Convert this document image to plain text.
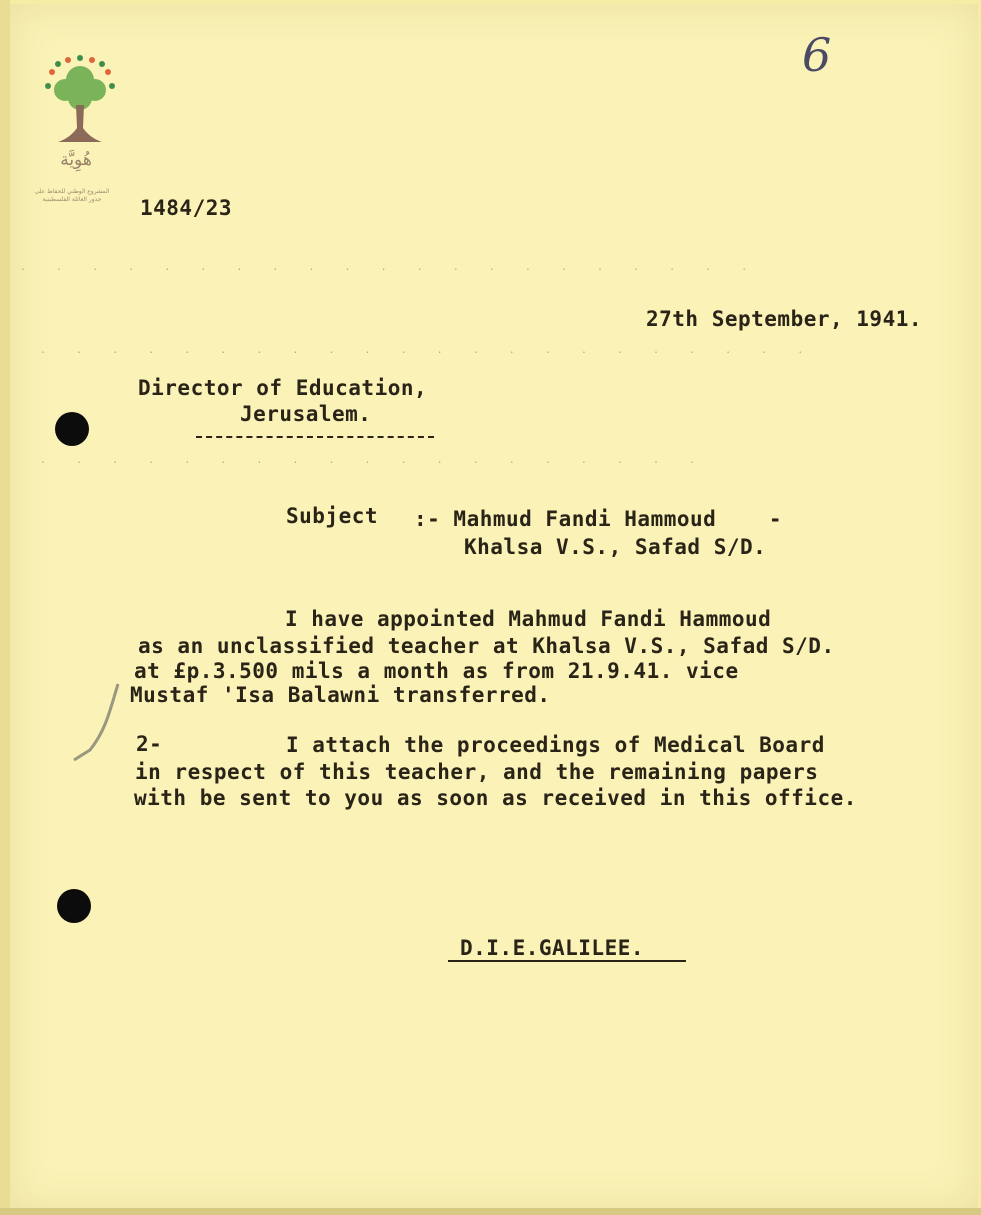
هُوِيَّة
المشروع الوطني للحفاظ على
جذور العائلة الفلسطينية
6
.  .  .  .  .  .  .  .  .  .  .  .  .  .  .  .  .  .  .  .  .
.  .  .  .  .  .  .  .  .  .  .  .  .  .  .  .  .  .  .  .  .  .
.  .  .  .  .  .  .  .  .  .  .  .  .  .  .  .  .  .  .
1484/23
27th September, 1941.
Director of Education,
Jerusalem.
Subject :- Mahmud Fandi Hammoud    -
Khalsa V.S., Safad S/D.
I have appointed Mahmud Fandi Hammoud
as an unclassified teacher at Khalsa V.S., Safad S/D.
at £p.3.500 mils a month as from 21.9.41. vice
Mustaf 'Isa Balawni transferred.
2-	I attach the proceedings of Medical Board
in respect of this teacher, and the remaining papers
with be sent to you as soon as received in this office.
D.I.E.GALILEE.
